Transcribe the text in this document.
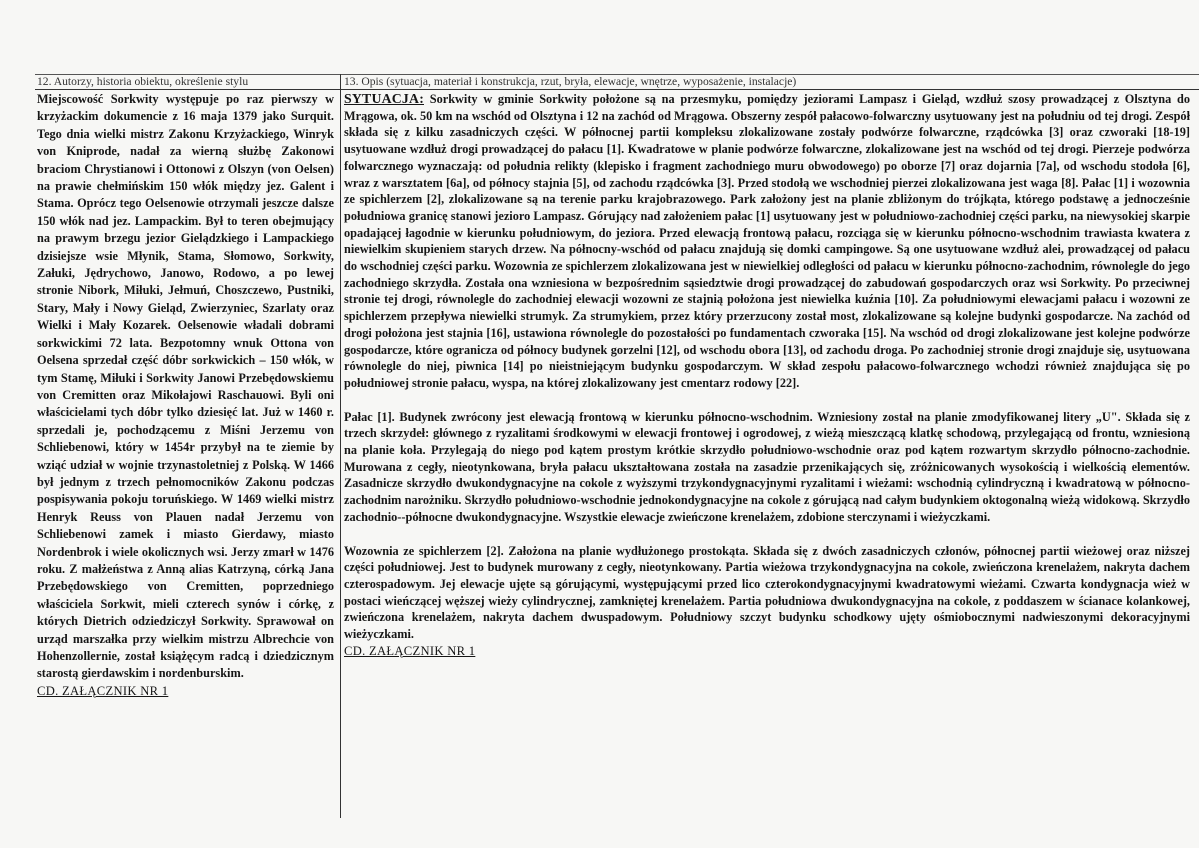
12. Autorzy, historia obiektu, określenie stylu	13. Opis (sytuacja, materiał i konstrukcja, rzut, bryła, elewacje, wnętrze, wyposażenie, instalacje)
Miejscowość Sorkwity występuje po raz pierwszy w krzyżackim dokumencie z 16 maja 1379 jako Surquit. Tego dnia wielki mistrz Zakonu Krzyżackiego, Winryk von Kniprode, nadał za wierną służbę Zakonowi braciom Chrystianowi i Ottonowi z Olszyn (von Oelsen) na prawie chełmińskim 150 włók między jez. Galent i Stama. Oprócz tego Oelsenowie otrzymali jeszcze dalsze 150 włók nad jez. Lampackim. Był to teren obejmujący na prawym brzegu jezior Gielądzkiego i Lampackiego dzisiejsze wsie Młynik, Stama, Słomowo, Sorkwity, Załuki, Jędrychowo, Janowo, Rodowo, a po lewej stronie Nibork, Miłuki, Jełmuń, Choszczewo, Pustniki, Stary, Mały i Nowy Gieląd, Zwierzyniec, Szarlaty oraz Wielki i Mały Kozarek. Oelsenowie władali dobrami sorkwickimi 72 lata. Bezpotomny wnuk Ottona von Oelsena sprzedał część dóbr sorkwickich – 150 włók, w tym Stamę, Miłuki i Sorkwity Janowi Przebędowskiemu von Cremitten oraz Mikołajowi Raschauowi. Byli oni właścicielami tych dóbr tylko dziesięć lat. Już w 1460 r. sprzedali je, pochodzącemu z Miśni Jerzemu von Schliebenowi, który w 1454r przybył na te ziemie by wziąć udział w wojnie trzynastoletniej z Polską. W 1466 był jednym z trzech pełnomocników Zakonu podczas pospisywania pokoju toruńskiego. W 1469 wielki mistrz Henryk Reuss von Plauen nadał Jerzemu von Schliebenowi zamek i miasto Gierdawy, miasto Nordenbrok i wiele okolicznych wsi. Jerzy zmarł w 1476 roku. Z małżeństwa z Anną alias Katrzyną, córką Jana Przebędowskiego von Cremitten, poprzedniego właściciela Sorkwit, mieli czterech synów i córkę, z których Dietrich odziedziczył Sorkwity. Sprawował on urząd marszałka przy wielkim mistrzu Albrechcie von Hohenzollernie, został książęcym radcą i dziedzicznym starostą gierdawskim i nordenburskim.
CD. ZAŁĄCZNIK NR 1

SYTUACJA: Sorkwity w gminie Sorkwity położone są na przesmyku, pomiędzy jeziorami Lampasz i Gieląd, wzdłuż szosy prowadzącej z Olsztyna do Mrągowa, ok. 50 km na wschód od Olsztyna i 12 na zachód od Mrągowa. Obszerny zespół pałacowo-folwarczny usytuowany jest na południu od tej drogi. Zespół składa się z kilku zasadniczych części. W północnej partii kompleksu zlokalizowane zostały podwórze folwarczne, rządcówka [3] oraz czworaki [18-19] usytuowane wzdłuż drogi prowadzącej do pałacu [1]. Kwadratowe w planie podwórze folwarczne, zlokalizowane jest na wschód od tej drogi. Pierzeje podwórza folwarcznego wyznaczają: od południa relikty (klepisko i fragment zachodniego muru obwodowego) po oborze [7] oraz dojarnia [7a], od wschodu stodoła [6], wraz z warsztatem [6a], od północy stajnia [5], od zachodu rządcówka [3]. Przed stodołą we wschodniej pierzei zlokalizowana jest waga [8]. Pałac [1] i wozownia ze spichlerzem [2], zlokalizowane są na terenie parku krajobrazowego. Park założony jest na planie zbliżonym do trójkąta, którego podstawę a jednocześnie południowa granicę stanowi jezioro Lampasz. Górujący nad założeniem pałac [1] usytuowany jest w południowo-zachodniej części parku, na niewysokiej skarpie opadającej łagodnie w kierunku południowym, do jeziora. Przed elewacją frontową pałacu, rozciąga się w kierunku północno-wschodnim trawiasta kwatera z niewielkim skupieniem starych drzew. Na północny-wschód od pałacu znajdują się domki campingowe. Są one usytuowane wzdłuż alei, prowadzącej od pałacu do wschodniej części parku. Wozownia ze spichlerzem zlokalizowana jest w niewielkiej odległości od pałacu w kierunku północno-zachodnim, równolegle do jego zachodniego skrzydła. Została ona wzniesiona w bezpośrednim sąsiedztwie drogi prowadzącej do zabudowań gospodarczych oraz wsi Sorkwity. Po przeciwnej stronie tej drogi, równolegle do zachodniej elewacji wozowni ze stajnią położona jest niewielka kuźnia [10]. Za południowymi elewacjami pałacu i wozowni ze spichlerzem przepływa niewielki strumyk. Za strumykiem, przez który przerzucony został most, zlokalizowane są kolejne budynki gospodarcze. Na zachód od drogi położona jest stajnia [16], ustawiona równolegle do pozostałości po fundamentach czworaka [15]. Na wschód od drogi zlokalizowane jest kolejne podwórze gospodarcze, które ogranicza od północy budynek gorzelni [12], od wschodu obora [13], od zachodu droga. Po zachodniej stronie drogi znajduje się, usytuowana równolegle do niej, piwnica [14] po nieistniejącym budynku gospodarczym. W skład zespołu pałacowo-folwarcznego wchodzi również znajdująca się po południowej stronie pałacu, wyspa, na której zlokalizowany jest cmentarz rodowy [22].

Pałac [1]. Budynek zwrócony jest elewacją frontową w kierunku północno-wschodnim. Wzniesiony został na planie zmodyfikowanej litery „U". Składa się z trzech skrzydeł: głównego z ryzalitami środkowymi w elewacji frontowej i ogrodowej, z wieżą mieszczącą klatkę schodową, przylegającą od frontu, wzniesioną na planie koła. Przylegają do niego pod kątem prostym krótkie skrzydło południowo-wschodnie oraz pod kątem rozwartym skrzydło północno-zachodnie. Murowana z cegły, nieotynkowana, bryła pałacu ukształtowana została na zasadzie przenikających się, zróżnicowanych wysokością i wielkością elementów. Zasadnicze skrzydło dwukondygnacyjne na cokole z wyższymi trzykondygnacyjnymi ryzalitami i wieżami: wschodnią cylindryczną i kwadratową w północno-zachodnim narożniku. Skrzydło południowo-wschodnie jednokondygnacyjne na cokole z górującą nad całym budynkiem oktogonalną wieżą widokową. Skrzydło zachodnio--północne dwukondygnacyjne. Wszystkie elewacje zwieńczone krenelażem, zdobione sterczynami i wieżyczkami.

Wozownia ze spichlerzem [2]. Założona na planie wydłużonego prostokąta. Składa się z dwóch zasadniczych członów, północnej partii wieżowej oraz niższej części południowej. Jest to budynek murowany z cegły, nieotynkowany. Partia wieżowa trzykondygnacyjna na cokole, zwieńczona krenelażem, nakryta dachem czterospadowym. Jej elewacje ujęte są górującymi, występującymi przed lico czterokondygnacyjnymi kwadratowymi wieżami. Czwarta kondygnacja wież w postaci wieńczącej węższej wieży cylindrycznej, zamkniętej krenelażem. Partia południowa dwukondygnacyjna na cokole, z poddaszem w ścianace kolankowej, zwieńczona krenelażem, nakryta dachem dwuspadowym. Południowy szczyt budynku schodkowy ujęty ośmiobocznymi nadwieszonymi dekoracyjnymi wieżyczkami.

CD. ZAŁĄCZNIK NR 1
